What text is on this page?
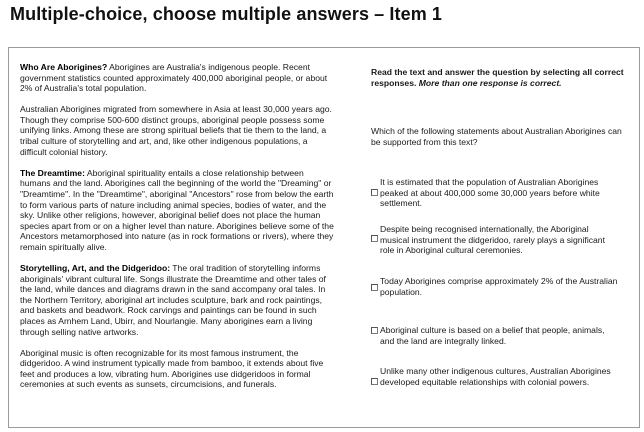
Multiple-choice, choose multiple answers – Item 1

Who Are Aborigines? Aborigines are Australia's indigenous people. Recent government statistics counted approximately 400,000 aboriginal people, or about 2% of Australia's total population.

Australian Aborigines migrated from somewhere in Asia at least 30,000 years ago. Though they comprise 500-600 distinct groups, aboriginal people possess some unifying links. Among these are strong spiritual beliefs that tie them to the land, a tribal culture of storytelling and art, and, like other indigenous populations, a difficult colonial history.

The Dreamtime: Aboriginal spirituality entails a close relationship between humans and the land. Aborigines call the beginning of the world the "Dreaming" or "Dreamtime". In the "Dreamtime", aboriginal "Ancestors" rose from below the earth to form various parts of nature including animal species, bodies of water, and the sky. Unlike other religions, however, aboriginal belief does not place the human species apart from or on a higher level than nature. Aborigines believe some of the Ancestors metamorphosed into nature (as in rock formations or rivers), where they remain spiritually alive.

Storytelling, Art, and the Didgeridoo: The oral tradition of storytelling informs aboriginals' vibrant cultural life. Songs illustrate the Dreamtime and other tales of the land, while dances and diagrams drawn in the sand accompany oral tales. In the Northern Territory, aboriginal art includes sculpture, bark and rock paintings, and baskets and beadwork. Rock carvings and paintings can be found in such places as Arnhem Land, Ubirr, and Nourlangie. Many aborigines earn a living through selling native artworks.

Aboriginal music is often recognizable for its most famous instrument, the didgeridoo. A wind instrument typically made from bamboo, it extends about five feet and produces a low, vibrating hum. Aborigines use didgeridoos in formal ceremonies at such events as sunsets, circumcisions, and funerals.

Read the text and answer the question by selecting all correct responses. More than one response is correct.

Which of the following statements about Australian Aborigines can be supported from this text?
It is estimated that the population of Australian Aborigines peaked at about 400,000 some 30,000 years before white settlement.
Despite being recognised internationally, the Aboriginal musical instrument the didgeridoo, rarely plays a significant role in Aboriginal cultural ceremonies.
Today Aborigines comprise approximately 2% of the Australian population.
Aboriginal culture is based on a belief that people, animals, and the land are integrally linked.
Unlike many other indigenous cultures, Australian Aborigines developed equitable relationships with colonial powers.
